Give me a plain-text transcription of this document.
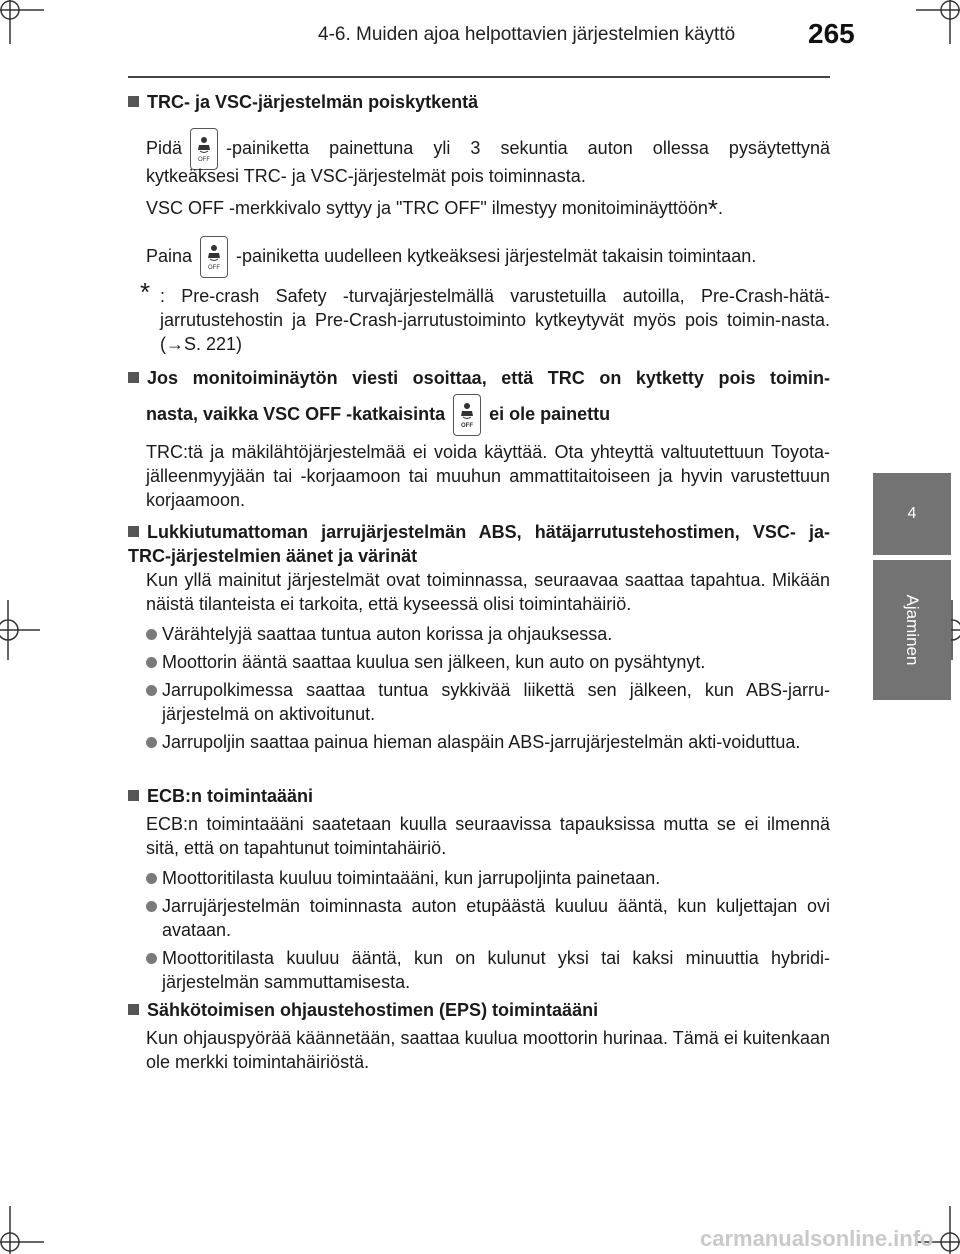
4-6. Muiden ajoa helpottavien järjestelmien käyttö	265
4
Ajaminen
TRC- ja VSC-järjestelmän poiskytkentä
Pidä
OFF
-painiketta painettuna yli 3 sekuntia auton ollessa pysäytettynä
kytkeäksesi TRC- ja VSC-järjestelmät pois toiminnasta.
VSC OFF -merkkivalo syttyy ja "TRC OFF" ilmestyy monitoiminäyttöön*.
Paina
OFF
-painiketta uudelleen kytkeäksesi järjestelmät takaisin toimintaan.
* : Pre-crash Safety -turvajärjestelmällä varustetuilla autoilla, Pre-Crash-hätä-jarrutustehostin ja Pre-Crash-jarrutustoiminto kytkeytyvät myös pois toimin-nasta. (→S. 221)
Jos monitoiminäytön viesti osoittaa, että TRC on kytketty pois toimin-
nasta, vaikka VSC OFF -katkaisinta
OFF
ei ole painettu
TRC:tä ja mäkilähtöjärjestelmää ei voida käyttää. Ota yhteyttä valtuutettuun Toyota-jälleenmyyjään tai -korjaamoon tai muuhun ammattitaitoiseen ja hyvin varustettuun korjaamoon.
Lukkiutumattoman jarrujärjestelmän ABS, hätäjarrutustehostimen, VSC- ja- TRC-järjestelmien äänet ja värinät
Kun yllä mainitut järjestelmät ovat toiminnassa, seuraavaa saattaa tapahtua. Mikään näistä tilanteista ei tarkoita, että kyseessä olisi toimintahäiriö.
Värähtelyjä saattaa tuntua auton korissa ja ohjauksessa.
Moottorin ääntä saattaa kuulua sen jälkeen, kun auto on pysähtynyt.
Jarrupolkimessa saattaa tuntua sykkivää liikettä sen jälkeen, kun ABS-jarru-järjestelmä on aktivoitunut.
Jarrupoljin saattaa painua hieman alaspäin ABS-jarrujärjestelmän akti-voiduttua.
ECB:n toimintaääni
ECB:n toimintaääni saatetaan kuulla seuraavissa tapauksissa mutta se ei ilmennä sitä, että on tapahtunut toimintahäiriö.
Moottoritilasta kuuluu toimintaääni, kun jarrupoljinta painetaan.
Jarrujärjestelmän toiminnasta auton etupäästä kuuluu ääntä, kun kuljettajan ovi avataan.
Moottoritilasta kuuluu ääntä, kun on kulunut yksi tai kaksi minuuttia hybridi-järjestelmän sammuttamisesta.
Sähkötoimisen ohjaustehostimen (EPS) toimintaääni
Kun ohjauspyörää käännetään, saattaa kuulua moottorin hurinaa. Tämä ei kuitenkaan ole merkki toimintahäiriöstä.
carmanualsonline.info
